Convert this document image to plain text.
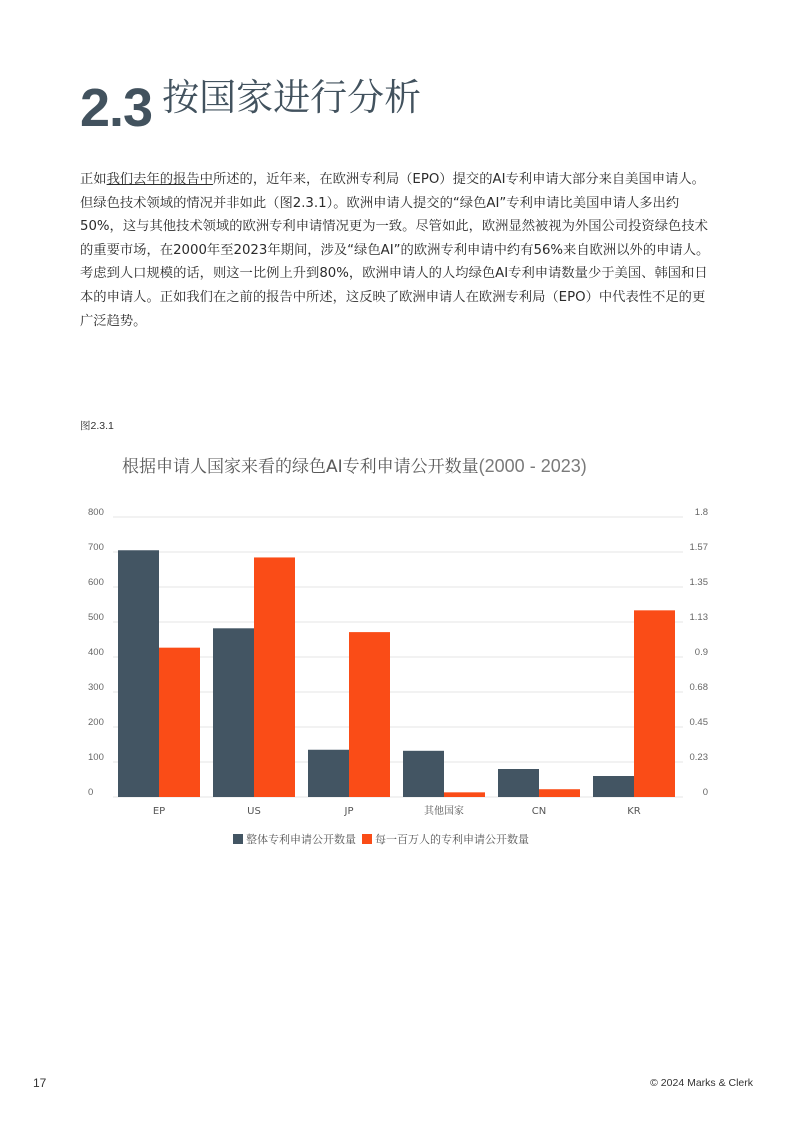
2.3 按国家进行分析
正如我们去年的报告中所述的，近年来，在欧洲专利局（EPO）提交的AI专利申请大部分来自美国申请人。但绿色技术领域的情况并非如此（图2.3.1）。欧洲申请人提交的“绿色AI”专利申请比美国申请人多出约50%，这与其他技术领域的欧洲专利申请情况更为一致。尽管如此，欧洲显然被视为外国公司投资绿色技术的重要市场，在2000年至2023年期间，涉及“绿色AI”的欧洲专利申请中约有56%来自欧洲以外的申请人。考虑到人口规模的话，则这一比例上升到80%，欧洲申请人的人均绿色AI专利申请数量少于美国、韩国和日本的申请人。正如我们在之前的报告中所述，这反映了欧洲申请人在欧洲专利局（EPO）中代表性不足的更广泛趋势。
图2.3.1
根据申请人国家来看的绿色AI专利申请公开数量(2000 - 2023)
0	0
100	0.23
200	0.45
300	0.68
400	0.9
500	1.13
600	1.35
700	1.57
800	1.8
EP	US	JP	其他国家	CN	KR
整体专利申请公开数量 每一百万人的专利申请公开数量
17	© 2024 Marks & Clerk
